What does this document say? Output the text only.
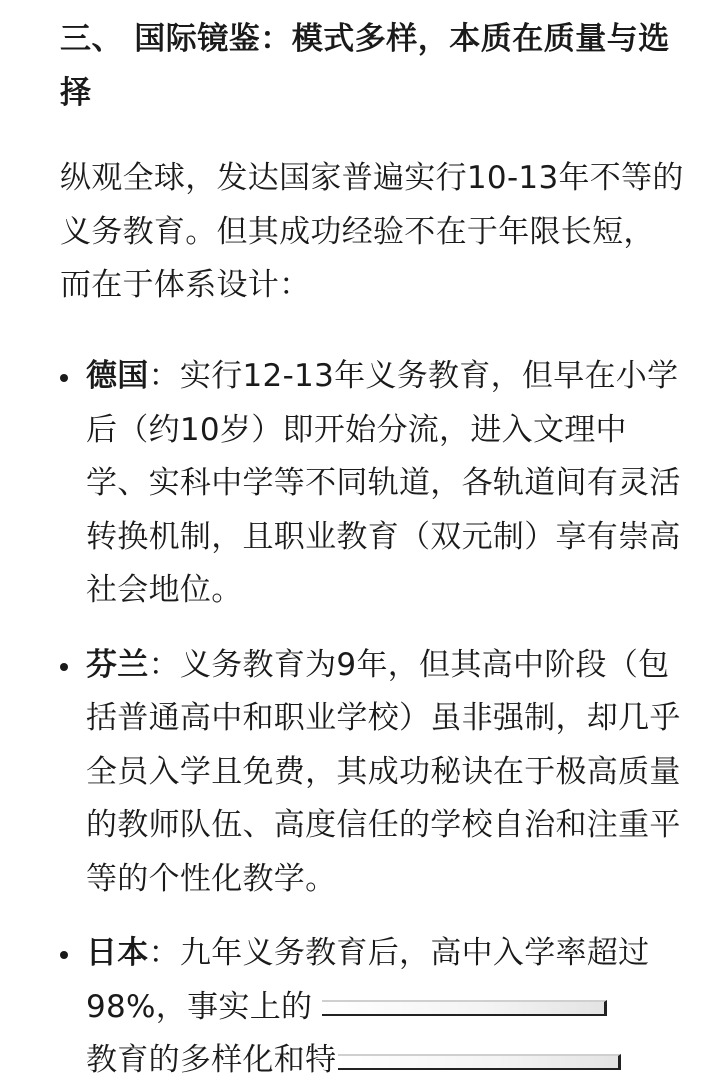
三、 国际镜鉴：模式多样，本质在质量与选择

纵观全球，发达国家普遍实行10-13年不等的义务教育。但其成功经验不在于年限长短，而在于体系设计：

德国：实行12-13年义务教育，但早在小学后（约10岁）即开始分流，进入文理中学、实科中学等不同轨道，各轨道间有灵活转换机制，且职业教育（双元制）享有崇高社会地位。
芬兰：义务教育为9年，但其高中阶段（包括普通高中和职业学校）虽非强制，却几乎全员入学且免费，其成功秘诀在于极高质量的教师队伍、高度信任的学校自治和注重平等的个性化教学。
日本：九年义务教育后，高中入学率超过98%，事实上的
教育的多样化和特
